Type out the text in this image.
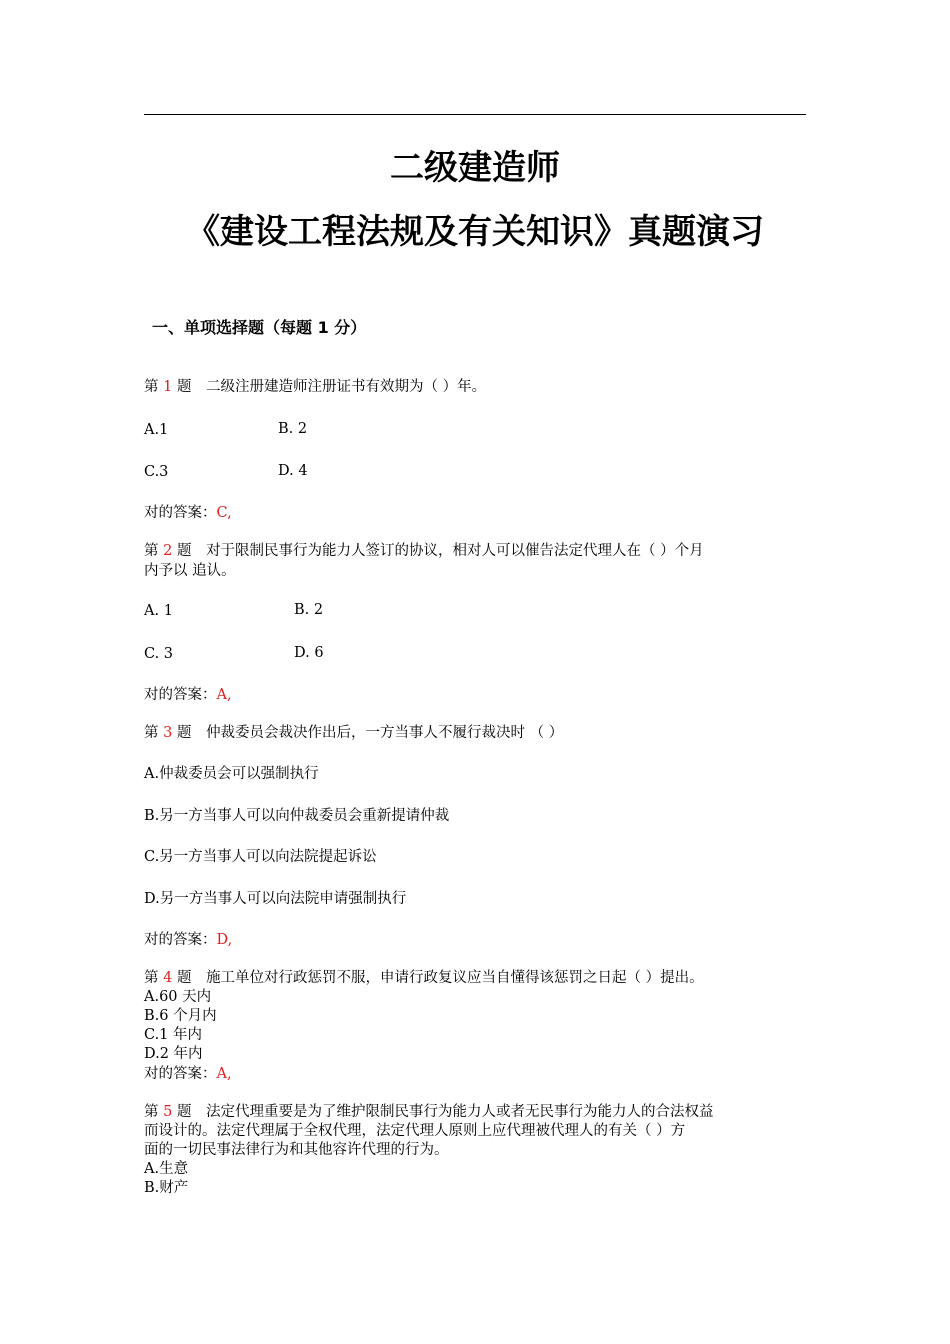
二级建造师
《建设工程法规及有关知识》真题演习
一、单项选择题（每题 1 分）
第 1 题 二级注册建造师注册证书有效期为（ ）年。
A.1	B. 2
C.3	D. 4
对的答案：C,
第 2 题 对于限制民事行为能力人签订的协议，相对人可以催告法定代理人在（ ）个月
内予以 追认。
A. 1	B. 2
C. 3	D. 6
对的答案：A,
第 3 题 仲裁委员会裁决作出后，一方当事人不履行裁决时 （ ）
A.仲裁委员会可以强制执行
B.另一方当事人可以向仲裁委员会重新提请仲裁
C.另一方当事人可以向法院提起诉讼
D.另一方当事人可以向法院申请强制执行
对的答案：D,
第 4 题 施工单位对行政惩罚不服，申请行政复议应当自懂得该惩罚之日起（ ）提出。
A.60 天内
B.6 个月内
C.1 年内
D.2 年内
对的答案：A,
第 5 题 法定代理重要是为了维护限制民事行为能力人或者无民事行为能力人的合法权益
而设计的。法定代理属于全权代理，法定代理人原则上应代理被代理人的有关（ ）方
面的一切民事法律行为和其他容许代理的行为。
A.生意
B.财产
